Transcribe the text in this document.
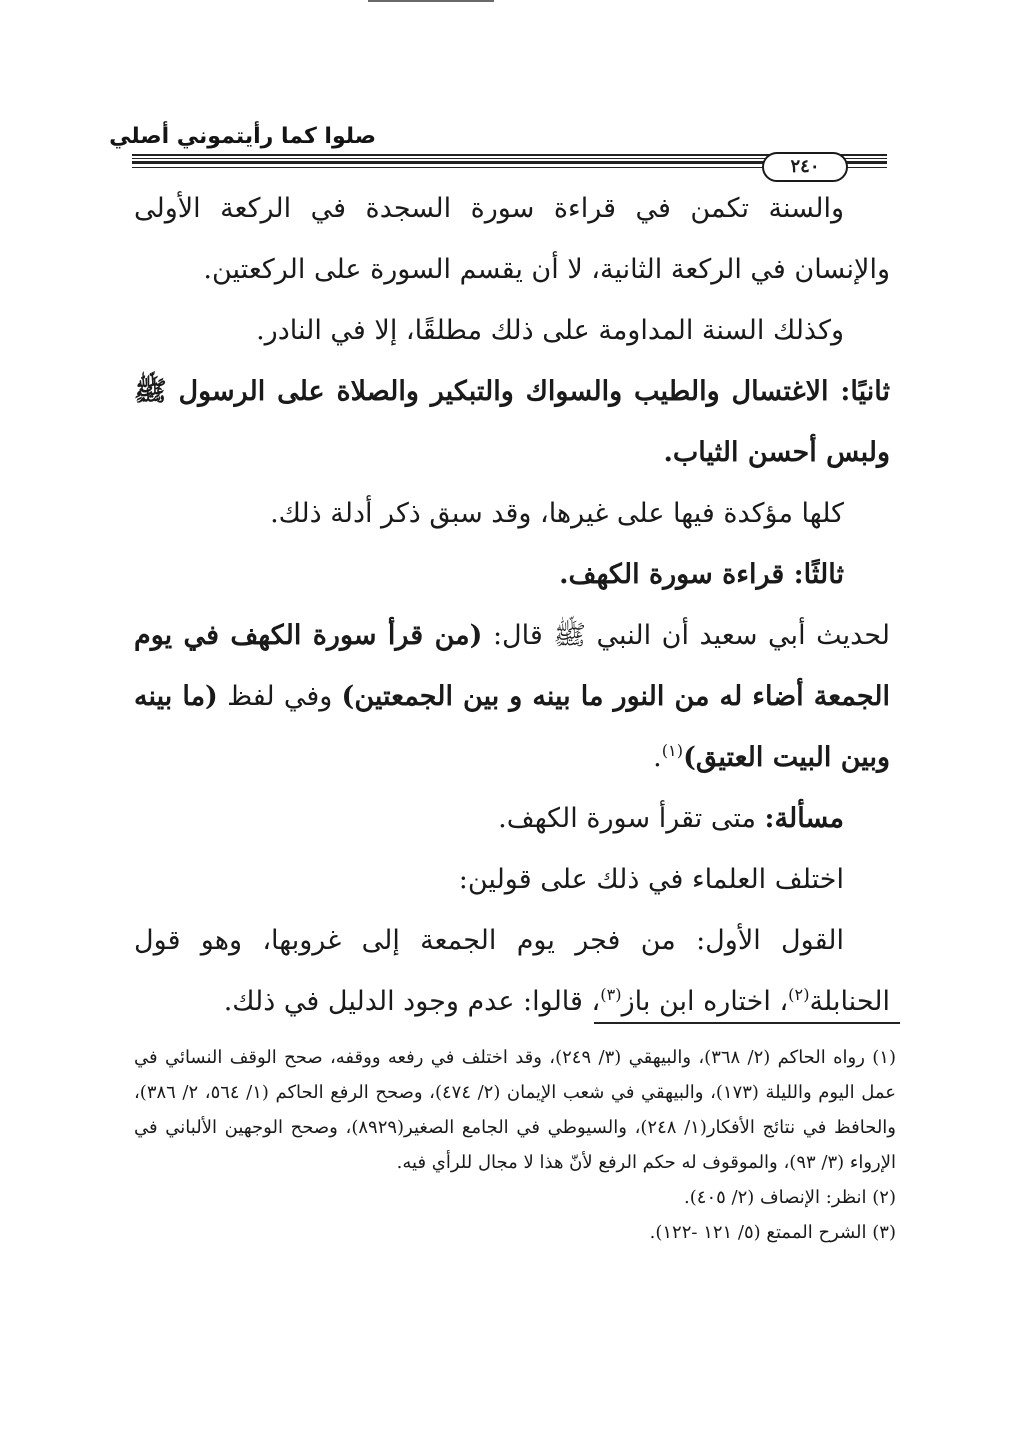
صلوا كما رأيتموني أصلي
٢٤٠

والسنة تكمن في قراءة سورة السجدة في الركعة الأولى والإنسان في الركعة الثانية، لا أن يقسم السورة على الركعتين.

وكذلك السنة المداومة على ذلك مطلقًا، إلا في النادر.

ثانيًا: الاغتسال والطيب والسواك والتبكير والصلاة على الرسول ﷺ ولبس أحسن الثياب.

كلها مؤكدة فيها على غيرها، وقد سبق ذكر أدلة ذلك.

ثالثًا: قراءة سورة الكهف.

لحديث أبي سعيد أن النبي ﷺ قال: (من قرأ سورة الكهف في يوم الجمعة أضاء له من النور ما بينه و بين الجمعتين) وفي لفظ (ما بينه وبين البيت العتيق)$^{(١)}$.

مسألة: متى تقرأ سورة الكهف.

اختلف العلماء في ذلك على قولين:

القول الأول: من فجر يوم الجمعة إلى غروبها، وهو قول الحنابلة$^{(٢)}$، اختاره ابن باز$^{(٣)}$، قالوا: عدم وجود الدليل في ذلك.

(١) رواه الحاكم (٢/ ٣٦٨)، والبيهقي (٣/ ٢٤٩)، وقد اختلف في رفعه ووقفه، صحح الوقف النسائي في عمل اليوم والليلة (١٧٣)، والبيهقي في شعب الإيمان (٢/ ٤٧٤)، وصحح الرفع الحاكم (١/ ٥٦٤، ٢/ ٣٨٦)، والحافظ في نتائج الأفكار(١/ ٢٤٨)، والسيوطي في الجامع الصغير(٨٩٢٩)، وصحح الوجهين الألباني في الإرواء (٣/ ٩٣)، والموقوف له حكم الرفع لأنّ هذا لا مجال للرأي فيه.

(٢) انظر: الإنصاف (٢/ ٤٠٥).

(٣) الشرح الممتع (٥/ ١٢١ -١٢٢).
